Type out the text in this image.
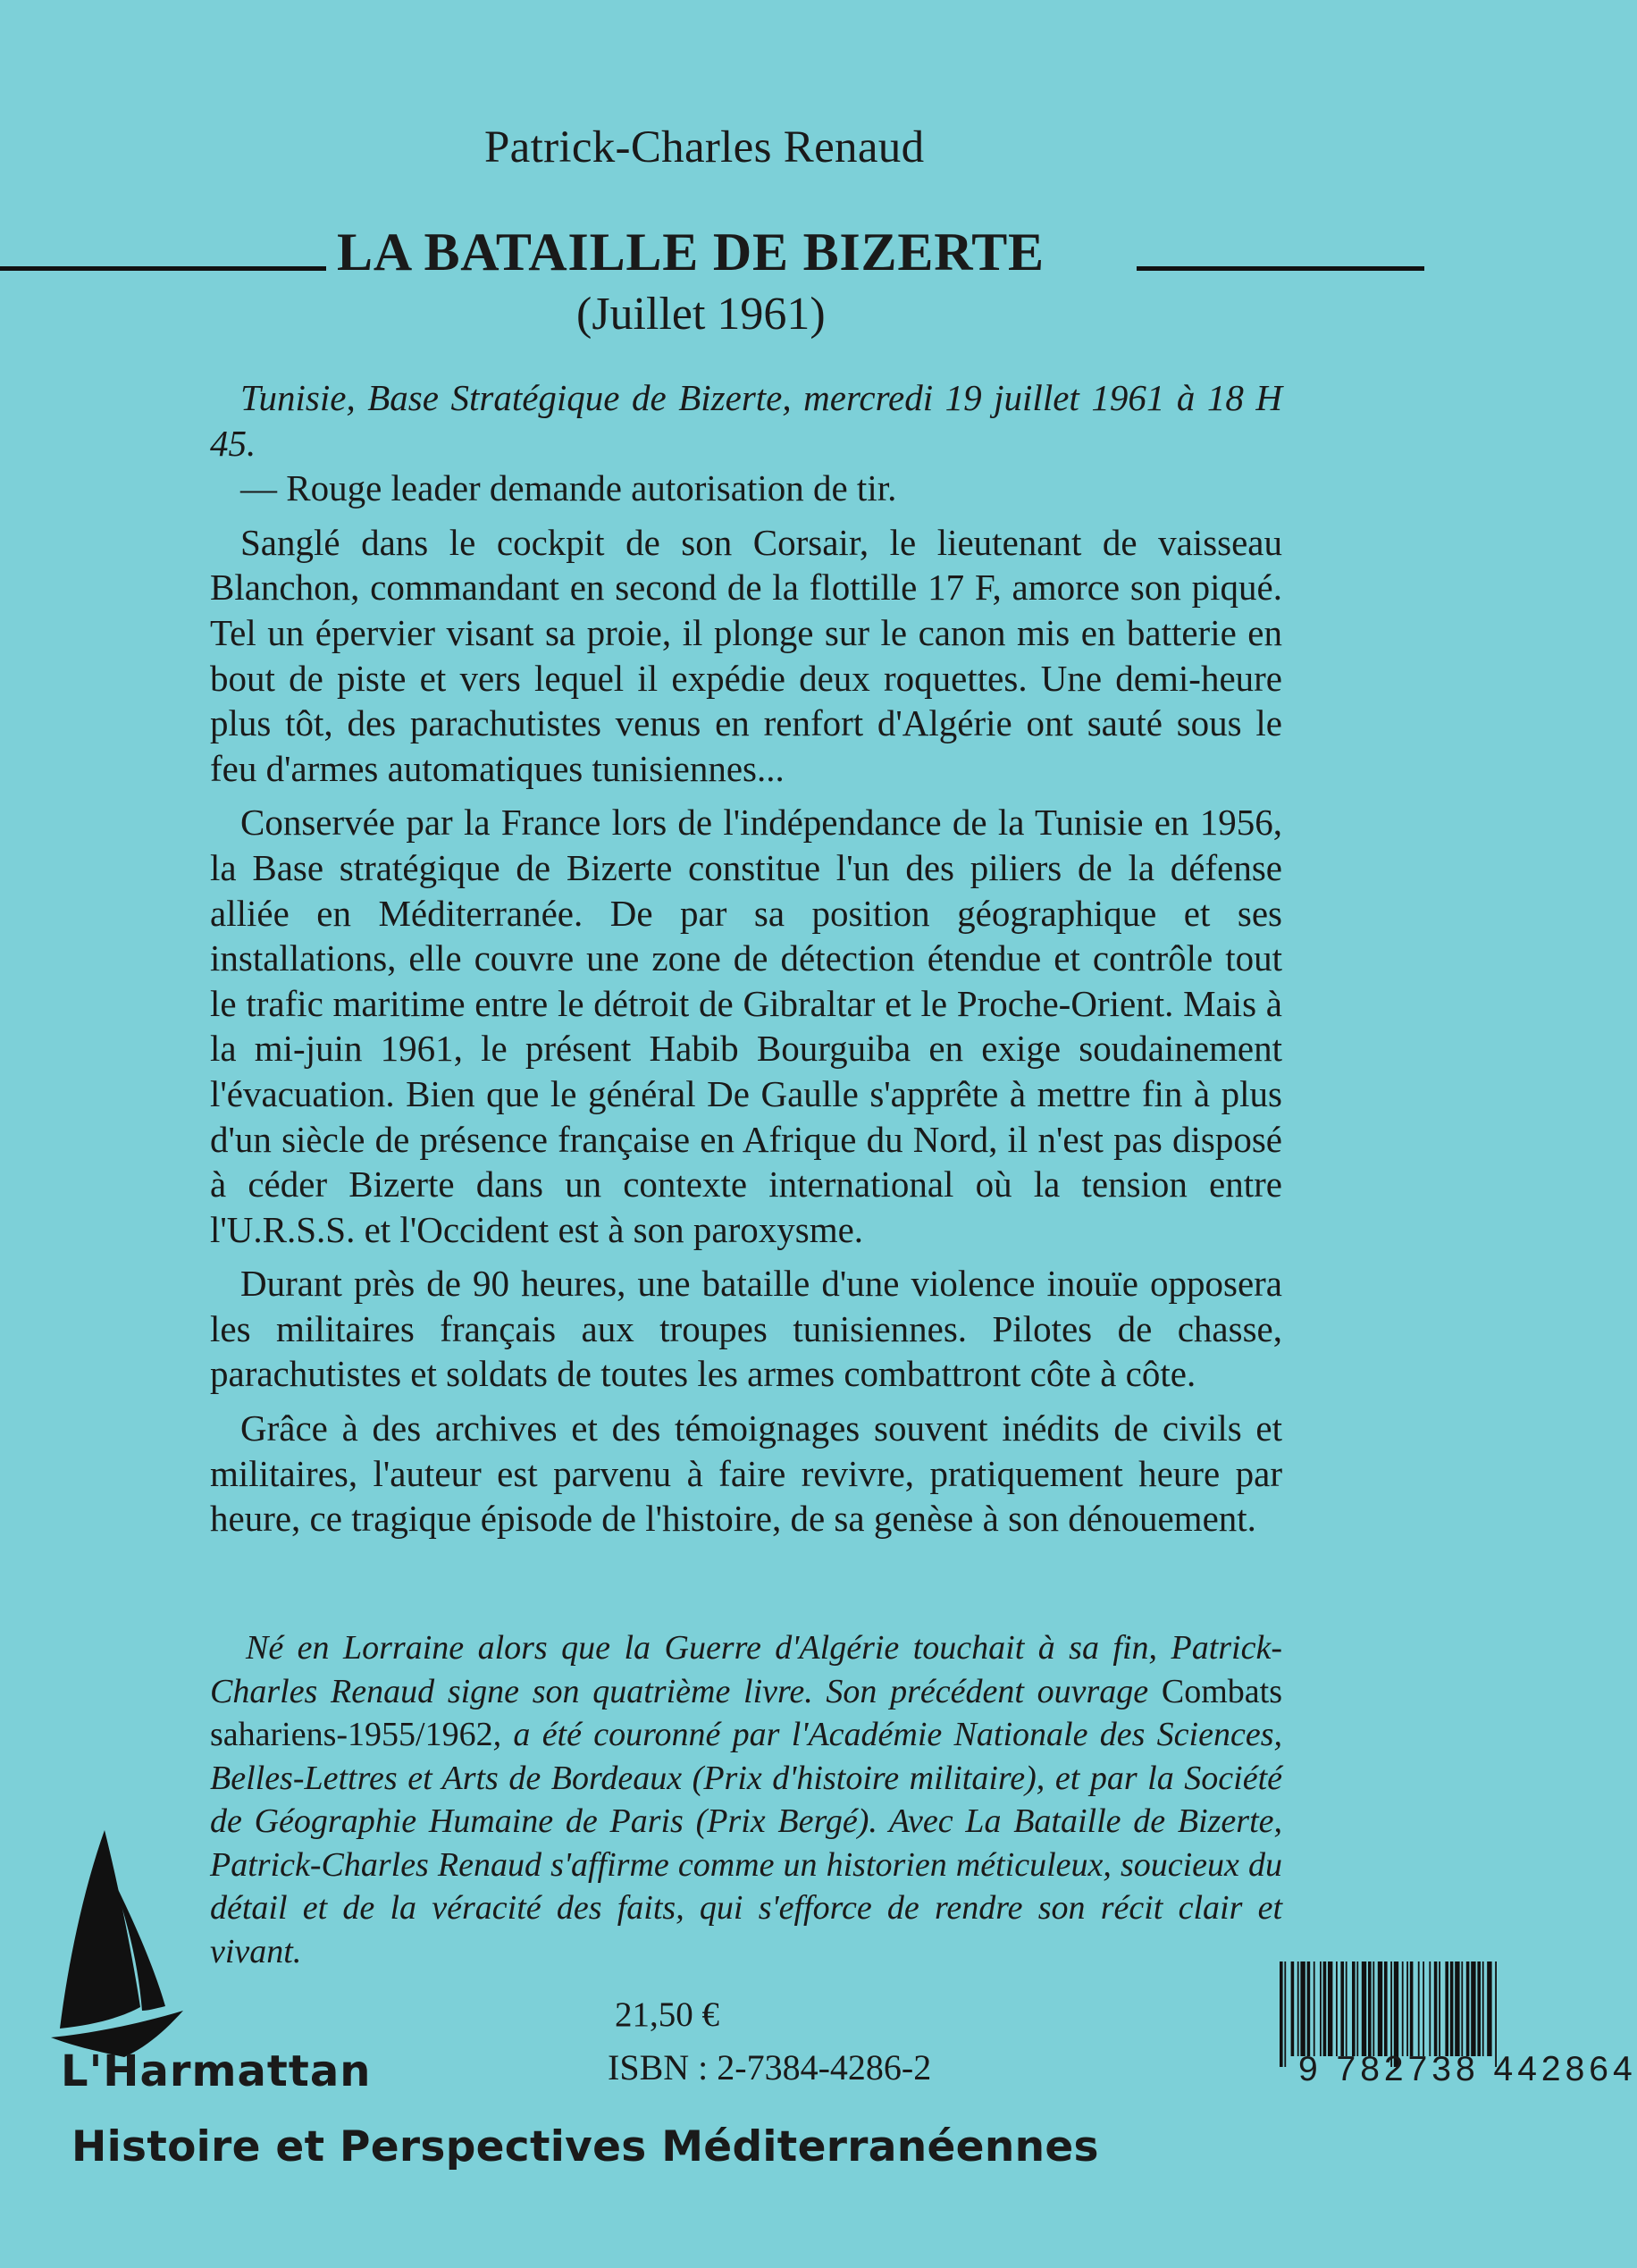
Patrick-Charles Renaud
LA BATAILLE DE BIZERTE
(Juillet 1961)

Tunisie, Base Stratégique de Bizerte, mercredi 19 juillet 1961 à 18 H 45.

— Rouge leader demande autorisation de tir.

Sanglé dans le cockpit de son Corsair, le lieutenant de vaisseau Blanchon, commandant en second de la flottille 17 F, amorce son piqué. Tel un épervier visant sa proie, il plonge sur le canon mis en batterie en bout de piste et vers lequel il expédie deux roquettes. Une demi-heure plus tôt, des parachutistes venus en renfort d'Algérie ont sauté sous le feu d'armes automatiques tunisiennes...

Conservée par la France lors de l'indépendance de la Tunisie en 1956, la Base stratégique de Bizerte constitue l'un des piliers de la défense alliée en Méditerranée. De par sa position géographique et ses installations, elle couvre une zone de détection étendue et contrôle tout le trafic maritime entre le détroit de Gibraltar et le Proche-Orient. Mais à la mi-juin 1961, le présent Habib Bourguiba en exige soudainement l'évacuation. Bien que le général De Gaulle s'apprête à mettre fin à plus d'un siècle de présence française en Afrique du Nord, il n'est pas disposé à céder Bizerte dans un contexte international où la tension entre l'U.R.S.S. et l'Occident est à son paroxysme.

Durant près de 90 heures, une bataille d'une violence inouïe opposera les militaires français aux troupes tunisiennes. Pilotes de chasse, parachutistes et soldats de toutes les armes combattront côte à côte.

Grâce à des archives et des témoignages souvent inédits de civils et militaires, l'auteur est parvenu à faire revivre, pratiquement heure par heure, ce tragique épisode de l'histoire, de sa genèse à son dénouement.

Né en Lorraine alors que la Guerre d'Algérie touchait à sa fin, Patrick-Charles Renaud signe son quatrième livre. Son précédent ouvrage Combats sahariens-1955/1962, a été couronné par l'Académie Nationale des Sciences, Belles-Lettres et Arts de Bordeaux (Prix d'histoire militaire), et par la Société de Géographie Humaine de Paris (Prix Bergé). Avec La Bataille de Bizerte, Patrick-Charles Renaud s'affirme comme un historien méticuleux, soucieux du détail et de la véracité des faits, qui s'efforce de rendre son récit clair et vivant.
L'Harmattan
21,50 €
ISBN : 2-7384-4286-2	9 782738 442864
Histoire et Perspectives Méditerranéennes
